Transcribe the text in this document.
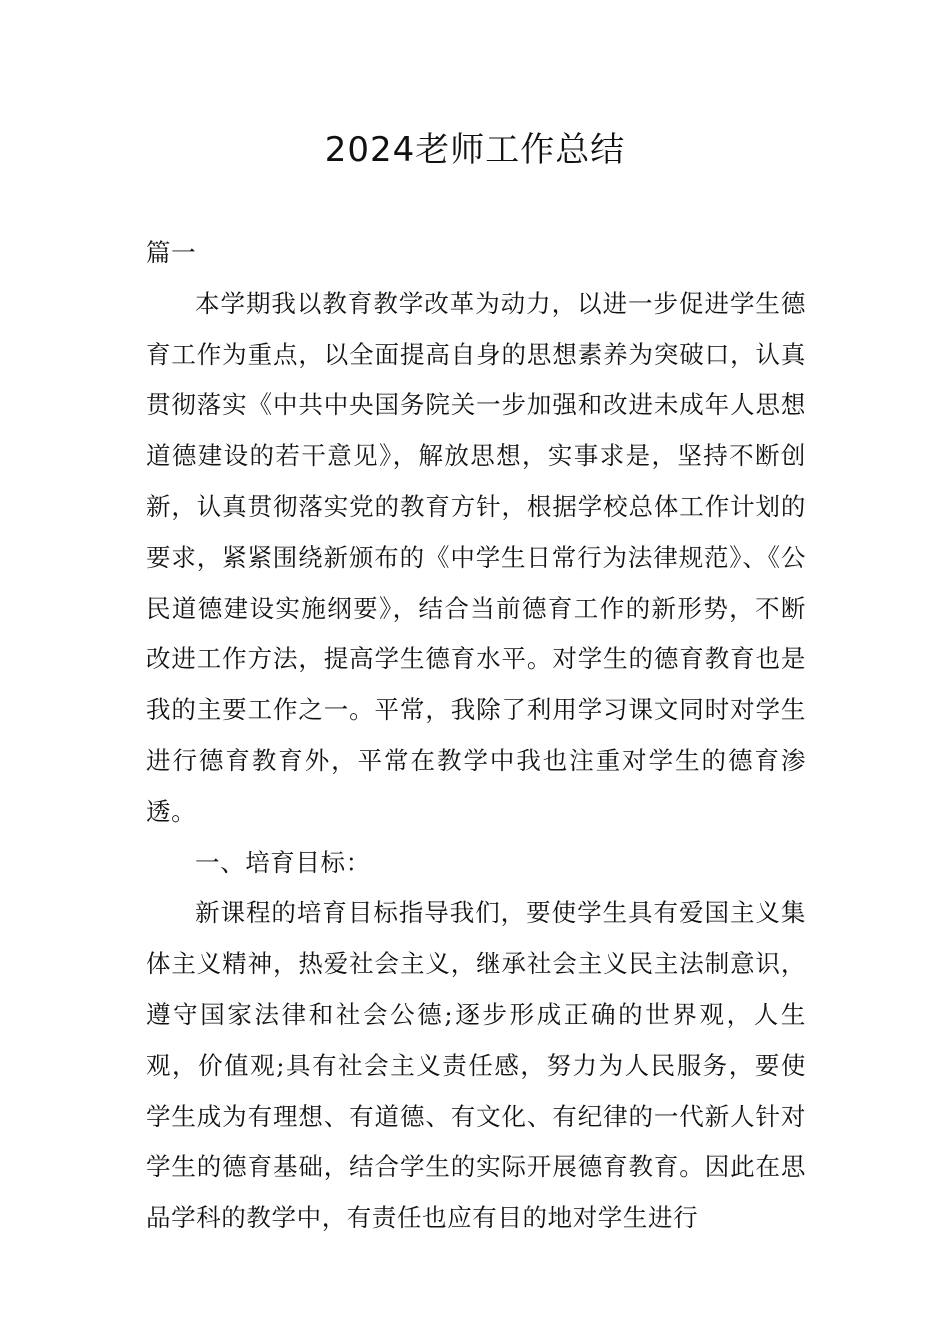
2024老师工作总结

篇一

本学期我以教育教学改革为动力，以进一步促进学生德育工作为重点，以全面提高自身的思想素养为突破口，认真贯彻落实《中共中央国务院关一步加强和改进未成年人思想道德建设的若干意见》，解放思想，实事求是，坚持不断创新，认真贯彻落实党的教育方针，根据学校总体工作计划的要求，紧紧围绕新颁布的《中学生日常行为法律规范》、《公民道德建设实施纲要》，结合当前德育工作的新形势，不断改进工作方法，提高学生德育水平。对学生的德育教育也是我的主要工作之一。平常，我除了利用学习课文同时对学生进行德育教育外，平常在教学中我也注重对学生的德育渗透。

一、培育目标：

新课程的培育目标指导我们，要使学生具有爱国主义集体主义精神，热爱社会主义，继承社会主义民主法制意识，遵守国家法律和社会公德;逐步形成正确的世界观，人生观，价值观;具有社会主义责任感，努力为人民服务，要使学生成为有理想、有道德、有文化、有纪律的一代新人针对学生的德育基础，结合学生的实际开展德育教育。因此在思品学科的教学中，有责任也应有目的地对学生进行
